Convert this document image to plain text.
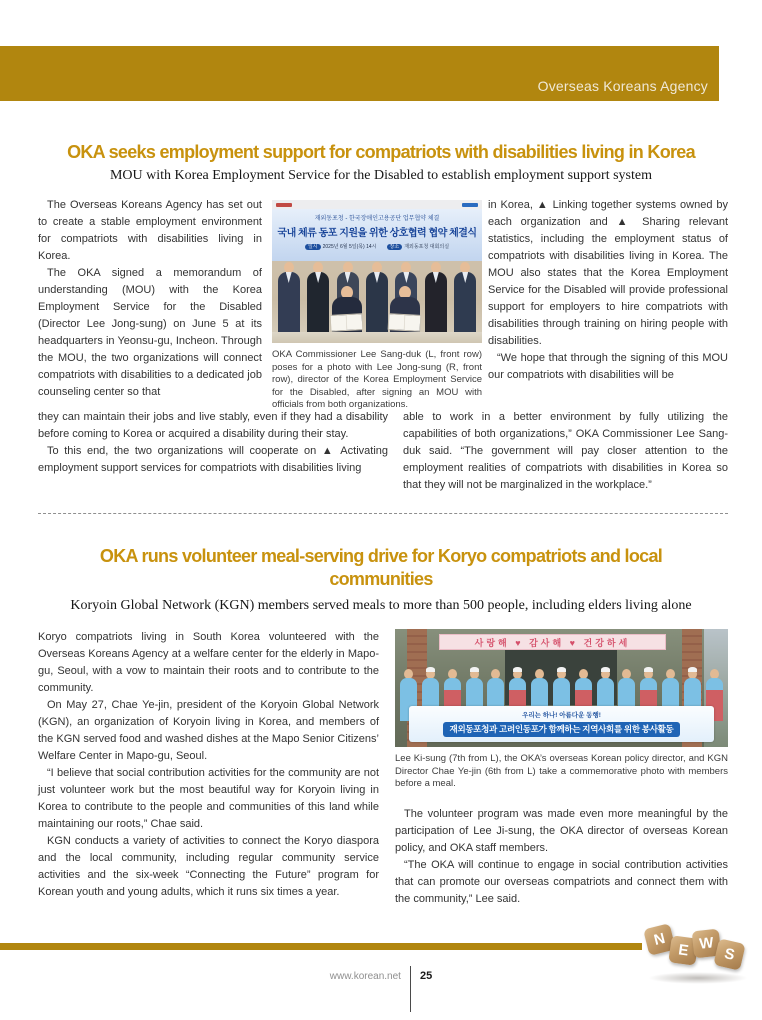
Overseas Koreans Agency
OKA seeks employment support for compatriots with disabilities living in Korea
MOU with Korea Employment Service for the Disabled to establish employment support system

The Overseas Koreans Agency has set out to create a stable employment environment for compatriots with disabilities living in Korea.

The OKA signed a memorandum of understanding (MOU) with the Korea Employment Service for the Disabled (Director Lee Jong-sung) on June 5 at its headquarters in Yeonsu-gu, Incheon. Through the MOU, the two organizations will connect compatriots with disabilities to a dedicated job counseling center so that

재외동포청 - 한국장애인고용공단 업무협약 체결
국내 체류 동포 지원을 위한 상호협력 협약 체결식
일시 2025년 6월 5일(목) 14시	장소 재외동포청 대회의실
OKA Commissioner Lee Sang-duk (L, front row) poses for a photo with Lee Jong-sung (R, front row), director of the Korea Employment Service for the Disabled, after signing an MOU with officials from both organizations.

in Korea, ▲ Linking together systems owned by each organization and ▲ Sharing relevant statistics, including the employment status of compatriots with disabilities living in Korea. The MOU also states that the Korea Employment Service for the Disabled will provide professional support for employers to hire compatriots with disabilities through training on hiring people with disabilities.

“We hope that through the signing of this MOU our compatriots with disabilities will be

they can maintain their jobs and live stably, even if they had a disability before coming to Korea or acquired a disability during their stay.

To this end, the two organizations will cooperate on ▲ Activating employment support services for compatriots with disabilities living

able to work in a better environment by fully utilizing the capabilities of both organizations,” OKA Commissioner Lee Sang-duk said. “The government will pay closer attention to the employment realities of compatriots with disabilities in Korea so that they will not be marginalized in the workplace.”

OKA runs volunteer meal-serving drive for Koryo compatriots and local communities
Koryoin Global Network (KGN) members served meals to more than 500 people, including elders living alone

Koryo compatriots living in South Korea volunteered with the Overseas Koreans Agency at a welfare center for the elderly in Mapo-gu, Seoul, with a vow to maintain their roots and to contribute to the community.

On May 27, Chae Ye-jin, president of the Koryoin Global Network (KGN), an organization of Koryoin living in Korea, and members of the KGN served food and washed dishes at the Mapo Senior Citizens’ Welfare Center in Mapo-gu, Seoul.

“I believe that social contribution activities for the community are not just volunteer work but the most beautiful way for Koryoin living in Korea to contribute to the people and communities of this land while maintaining our roots,” Chae said.

KGN conducts a variety of activities to connect the Koryo diaspora and the local community, including regular community service activities and the six-week “Connecting the Future” program for Korean youth and young adults, which it runs six times a year.

사랑해 ♥ 감사해 ♥ 건강하세
우리는 하나! 아름다운 동행!
재외동포청과 고려인동포가 함께하는 지역사회를 위한 봉사활동
Lee Ki-sung (7th from L), the OKA’s overseas Korean policy director, and KGN Director Chae Ye-jin (6th from L) take a commemorative photo with members before a meal.

The volunteer program was made even more meaningful by the participation of Lee Ji-sung, the OKA director of overseas Korean policy, and OKA staff members.

“The OKA will continue to engage in social contribution activities that can promote our overseas compatriots and connect them with the community,” Lee said.

N
E W
S
www.korean.net 25
